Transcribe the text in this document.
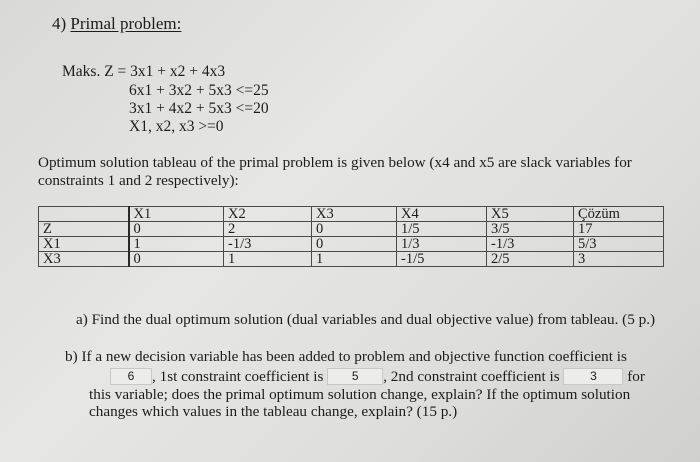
4) Primal problem:
Maks. Z = 3x1 + x2 + 4x3
6x1 + 3x2 + 5x3 <=25
3x1 + 4x2 + 5x3 <=20
X1, x2, x3 >=0
Optimum solution tableau of the primal problem is given below (x4 and x5 are slack variables for
constraints 1 and 2 respectively):
	X1	X2	X3	X4	X5	Çözüm
Z	0	2	0	1/5	3/5	17
X1	1	-1/3	0	1/3	-1/3	5/3
X3	0	1	1	-1/5	2/5	3
a) Find the dual optimum solution (dual variables and dual objective value) from tableau. (5 p.)
b) If a new decision variable has been added to problem and objective function coefficient is
6 , 1st constraint coefficient is 5 , 2nd constraint coefficient is	3 for
this variable; does the primal optimum solution change, explain? If the optimum solution
changes which values in the tableau change, explain? (15 p.)
